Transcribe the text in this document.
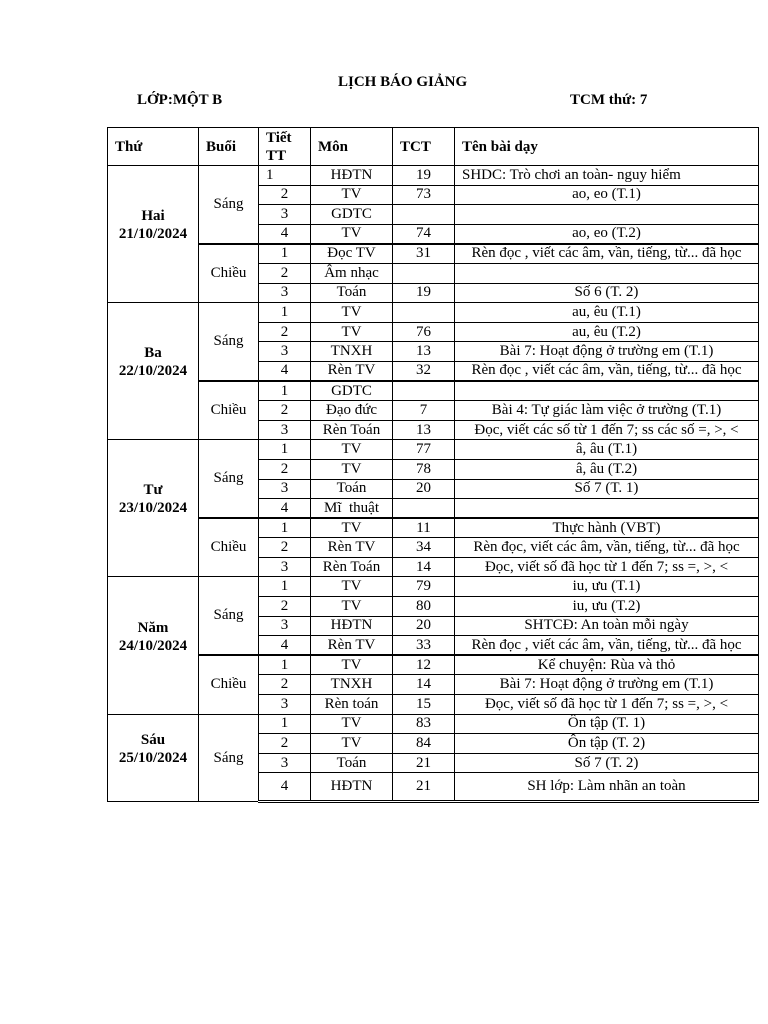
LỊCH BÁO GIẢNG
LỚP:MỘT B	TCM thứ: 7
Thứ	Buổi	Tiết TT	Môn	TCT	Tên bài dạy

Hai
21/10/2024	Sáng	1	HĐTN	19	SHDC: Trò chơi an toàn- nguy hiểm
		2	TV	73	ao, eo (T.1)
		3	GDTC		
		4	TV	74	ao, eo (T.2)
	Chiều	1	Đọc TV	31	Rèn đọc , viết các âm, vần, tiếng, từ... đã học
		2	Âm nhạc		
		3	Toán	19	Số 6 (T. 2)

Ba
22/10/2024	Sáng	1	TV		au, êu (T.1)
		2	TV	76	au, êu (T.2)
		3	TNXH	13	Bài 7: Hoạt động ở trường em (T.1)
		4	Rèn TV	32	Rèn đọc , viết các âm, vần, tiếng, từ... đã học
	Chiều	1	GDTC		
		2	Đạo đức	7	Bài 4: Tự giác làm việc ở trường (T.1)
		3	Rèn Toán	13	Đọc, viết các số từ 1 đến 7; ss các số =, >, <

Tư
23/10/2024	Sáng	1	TV	77	â, âu (T.1)
		2	TV	78	â, âu (T.2)
		3	Toán	20	Số 7 (T. 1)
		4	Mĩ  thuật		
	Chiều	1	TV	11	Thực hành (VBT)
		2	Rèn TV	34	Rèn đọc, viết các âm, vần, tiếng, từ... đã học
		3	Rèn Toán	14	Đọc, viết số đã học từ 1 đến 7; ss =, >, <

Năm
24/10/2024	Sáng	1	TV	79	iu, ưu (T.1)
		2	TV	80	iu, ưu (T.2)
		3	HĐTN	20	SHTCĐ: An toàn mỗi ngày
		4	Rèn TV	33	Rèn đọc , viết các âm, vần, tiếng, từ... đã học
	Chiều	1	TV	12	Kể chuyện: Rùa và thỏ
		2	TNXH	14	Bài 7: Hoạt động ở trường em (T.1)
		3	Rèn toán	15	Đọc, viết số đã học từ 1 đến 7; ss =, >, <

Sáu
25/10/2024	Sáng	1	TV	83	Ôn tập (T. 1)
		2	TV	84	Ôn tập (T. 2)
		3	Toán	21	Số 7 (T. 2)
		4	HĐTN	21	SH lớp: Làm nhãn an toàn
